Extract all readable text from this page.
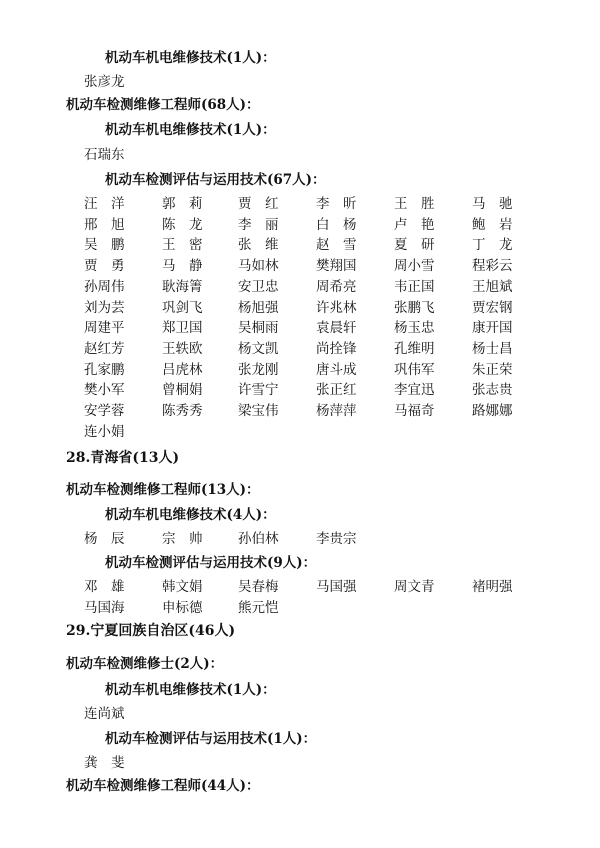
机动车机电维修技术(1人)：
张彦龙
机动车检测维修工程师(68人)：
机动车机电维修技术(1人)：
石瑞东
机动车检测评估与运用技术(67人)：
汪　洋	郭　莉	贾　红	李　昕	王　胜	马　驰
邢　旭	陈　龙	李　丽	白　杨	卢　艳	鲍　岩
吴　鹏	王　密	张　维	赵　雪	夏　研	丁　龙
贾　勇	马　静	马如林	樊翔国	周小雪	程彩云
孙周伟	耿海箐	安卫忠	周希亮	韦正国	王旭斌
刘为芸	巩剑飞	杨旭强	许兆林	张鹏飞	贾宏钢
周建平	郑卫国	吴桐雨	袁晨轩	杨玉忠	康开国
赵红芳	王轶欧	杨文凯	尚拴锋	孔维明	杨士昌
孔家鹏	吕虎林	张龙刚	唐斗成	巩伟军	朱正荣
樊小军	曾桐娟	许雪宁	张正红	李宜迅	张志贵
安学蓉	陈秀秀	梁宝伟	杨萍萍	马福奇	路娜娜
连小娟
28.青海省(13人)
机动车检测维修工程师(13人)：
机动车机电维修技术(4人)：
杨　辰	宗　帅	孙伯林	李贵宗
机动车检测评估与运用技术(9人)：
邓　雄	韩文娟	吴春梅	马国强	周文青	褚明强
马国海	申标德	熊元恺
29.宁夏回族自治区(46人)
机动车检测维修士(2人)：
机动车机电维修技术(1人)：
连尚斌
机动车检测评估与运用技术(1人)：
龚　斐
机动车检测维修工程师(44人)：
